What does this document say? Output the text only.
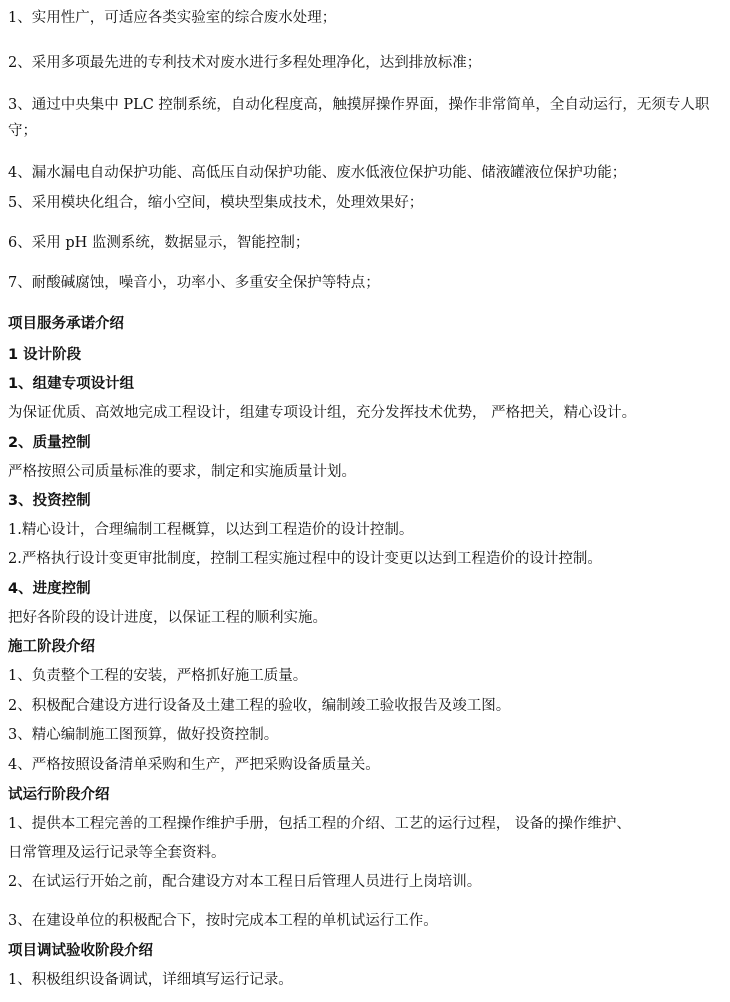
1、实用性广，可适应各类实验室的综合废水处理；
2、采用多项最先进的专利技术对废水进行多程处理净化，达到排放标准；
3、通过中央集中 PLC 控制系统，自动化程度高，触摸屏操作界面，操作非常简单，全自动运行，无须专人职守；
4、漏水漏电自动保护功能、高低压自动保护功能、废水低液位保护功能、储液罐液位保护功能；
5、采用模块化组合，缩小空间，模块型集成技术，处理效果好；
6、采用 pH 监测系统，数据显示，智能控制；
7、耐酸碱腐蚀，噪音小，功率小、多重安全保护等特点；
项目服务承诺介绍
1 设计阶段
1、组建专项设计组
为保证优质、高效地完成工程设计，组建专项设计组，充分发挥技术优势， 严格把关，精心设计。
2、质量控制
严格按照公司质量标准的要求，制定和实施质量计划。
3、投资控制
1.精心设计，合理编制工程概算，以达到工程造价的设计控制。
2.严格执行设计变更审批制度，控制工程实施过程中的设计变更以达到工程造价的设计控制。
4、进度控制
把好各阶段的设计进度，以保证工程的顺利实施。
施工阶段介绍
1、负责整个工程的安装，严格抓好施工质量。
2、积极配合建设方进行设备及土建工程的验收，编制竣工验收报告及竣工图。
3、精心编制施工图预算，做好投资控制。
4、严格按照设备清单采购和生产，严把采购设备质量关。
试运行阶段介绍
1、提供本工程完善的工程操作维护手册，包括工程的介绍、工艺的运行过程， 设备的操作维护、
日常管理及运行记录等全套资料。
2、在试运行开始之前，配合建设方对本工程日后管理人员进行上岗培训。
3、在建设单位的积极配合下，按时完成本工程的单机试运行工作。
项目调试验收阶段介绍
1、积极组织设备调试，详细填写运行记录。
